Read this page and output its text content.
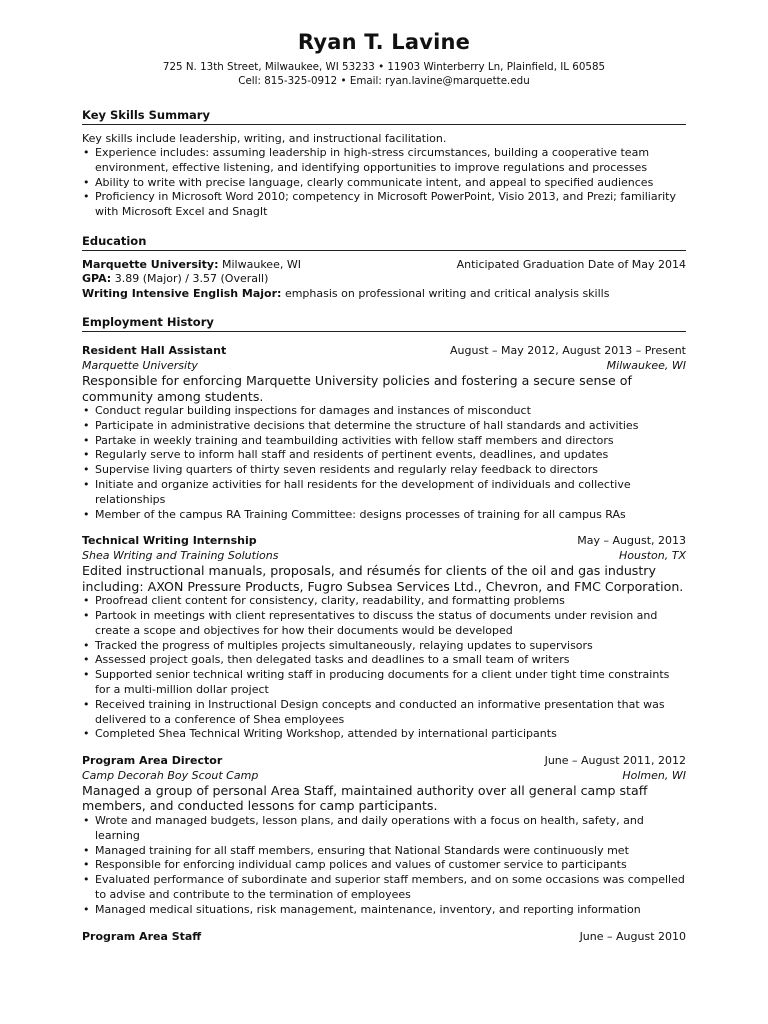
Ryan T. Lavine
725 N. 13th Street, Milwaukee, WI 53233 • 11903 Winterberry Ln, Plainfield, IL 60585
Cell: 815-325-0912 • Email: ryan.lavine@marquette.edu
Key Skills Summary
Key skills include leadership, writing, and instructional facilitation.
• Experience includes: assuming leadership in high-stress circumstances, building a cooperative team environment, effective listening, and identifying opportunities to improve regulations and processes
• Ability to write with precise language, clearly communicate intent, and appeal to specified audiences
• Proficiency in Microsoft Word 2010; competency in Microsoft PowerPoint, Visio 2013, and Prezi; familiarity with Microsoft Excel and SnagIt
Education
Marquette University: Milwaukee, WI	Anticipated Graduation Date of May 2014
GPA: 3.89 (Major) / 3.57 (Overall)
Writing Intensive English Major: emphasis on professional writing and critical analysis skills
Employment History
Resident Hall Assistant	August – May 2012, August 2013 – Present
Marquette University	Milwaukee, WI
Responsible for enforcing Marquette University policies and fostering a secure sense of community among students.
• Conduct regular building inspections for damages and instances of misconduct
• Participate in administrative decisions that determine the structure of hall standards and activities
• Partake in weekly training and teambuilding activities with fellow staff members and directors
• Regularly serve to inform hall staff and residents of pertinent events, deadlines, and updates
• Supervise living quarters of thirty seven residents and regularly relay feedback to directors
• Initiate and organize activities for hall residents for the development of individuals and collective relationships
• Member of the campus RA Training Committee: designs processes of training for all campus RAs
Technical Writing Internship	May – August, 2013
Shea Writing and Training Solutions	Houston, TX
Edited instructional manuals, proposals, and résumés for clients of the oil and gas industry including: AXON Pressure Products, Fugro Subsea Services Ltd., Chevron, and FMC Corporation.
• Proofread client content for consistency, clarity, readability, and formatting problems
• Partook in meetings with client representatives to discuss the status of documents under revision and create a scope and objectives for how their documents would be developed
• Tracked the progress of multiples projects simultaneously, relaying updates to supervisors
• Assessed project goals, then delegated tasks and deadlines to a small team of writers
• Supported senior technical writing staff in producing documents for a client under tight time constraints for a multi-million dollar project
• Received training in Instructional Design concepts and conducted an informative presentation that was delivered to a conference of Shea employees
• Completed Shea Technical Writing Workshop, attended by international participants
Program Area Director	June – August 2011, 2012
Camp Decorah Boy Scout Camp	Holmen, WI
Managed a group of personal Area Staff, maintained authority over all general camp staff members, and conducted lessons for camp participants.
• Wrote and managed budgets, lesson plans, and daily operations with a focus on health, safety, and learning
• Managed training for all staff members, ensuring that National Standards were continuously met
• Responsible for enforcing individual camp polices and values of customer service to participants
• Evaluated performance of subordinate and superior staff members, and on some occasions was compelled to advise and contribute to the termination of employees
• Managed medical situations, risk management, maintenance, inventory, and reporting information
Program Area Staff	June – August 2010
